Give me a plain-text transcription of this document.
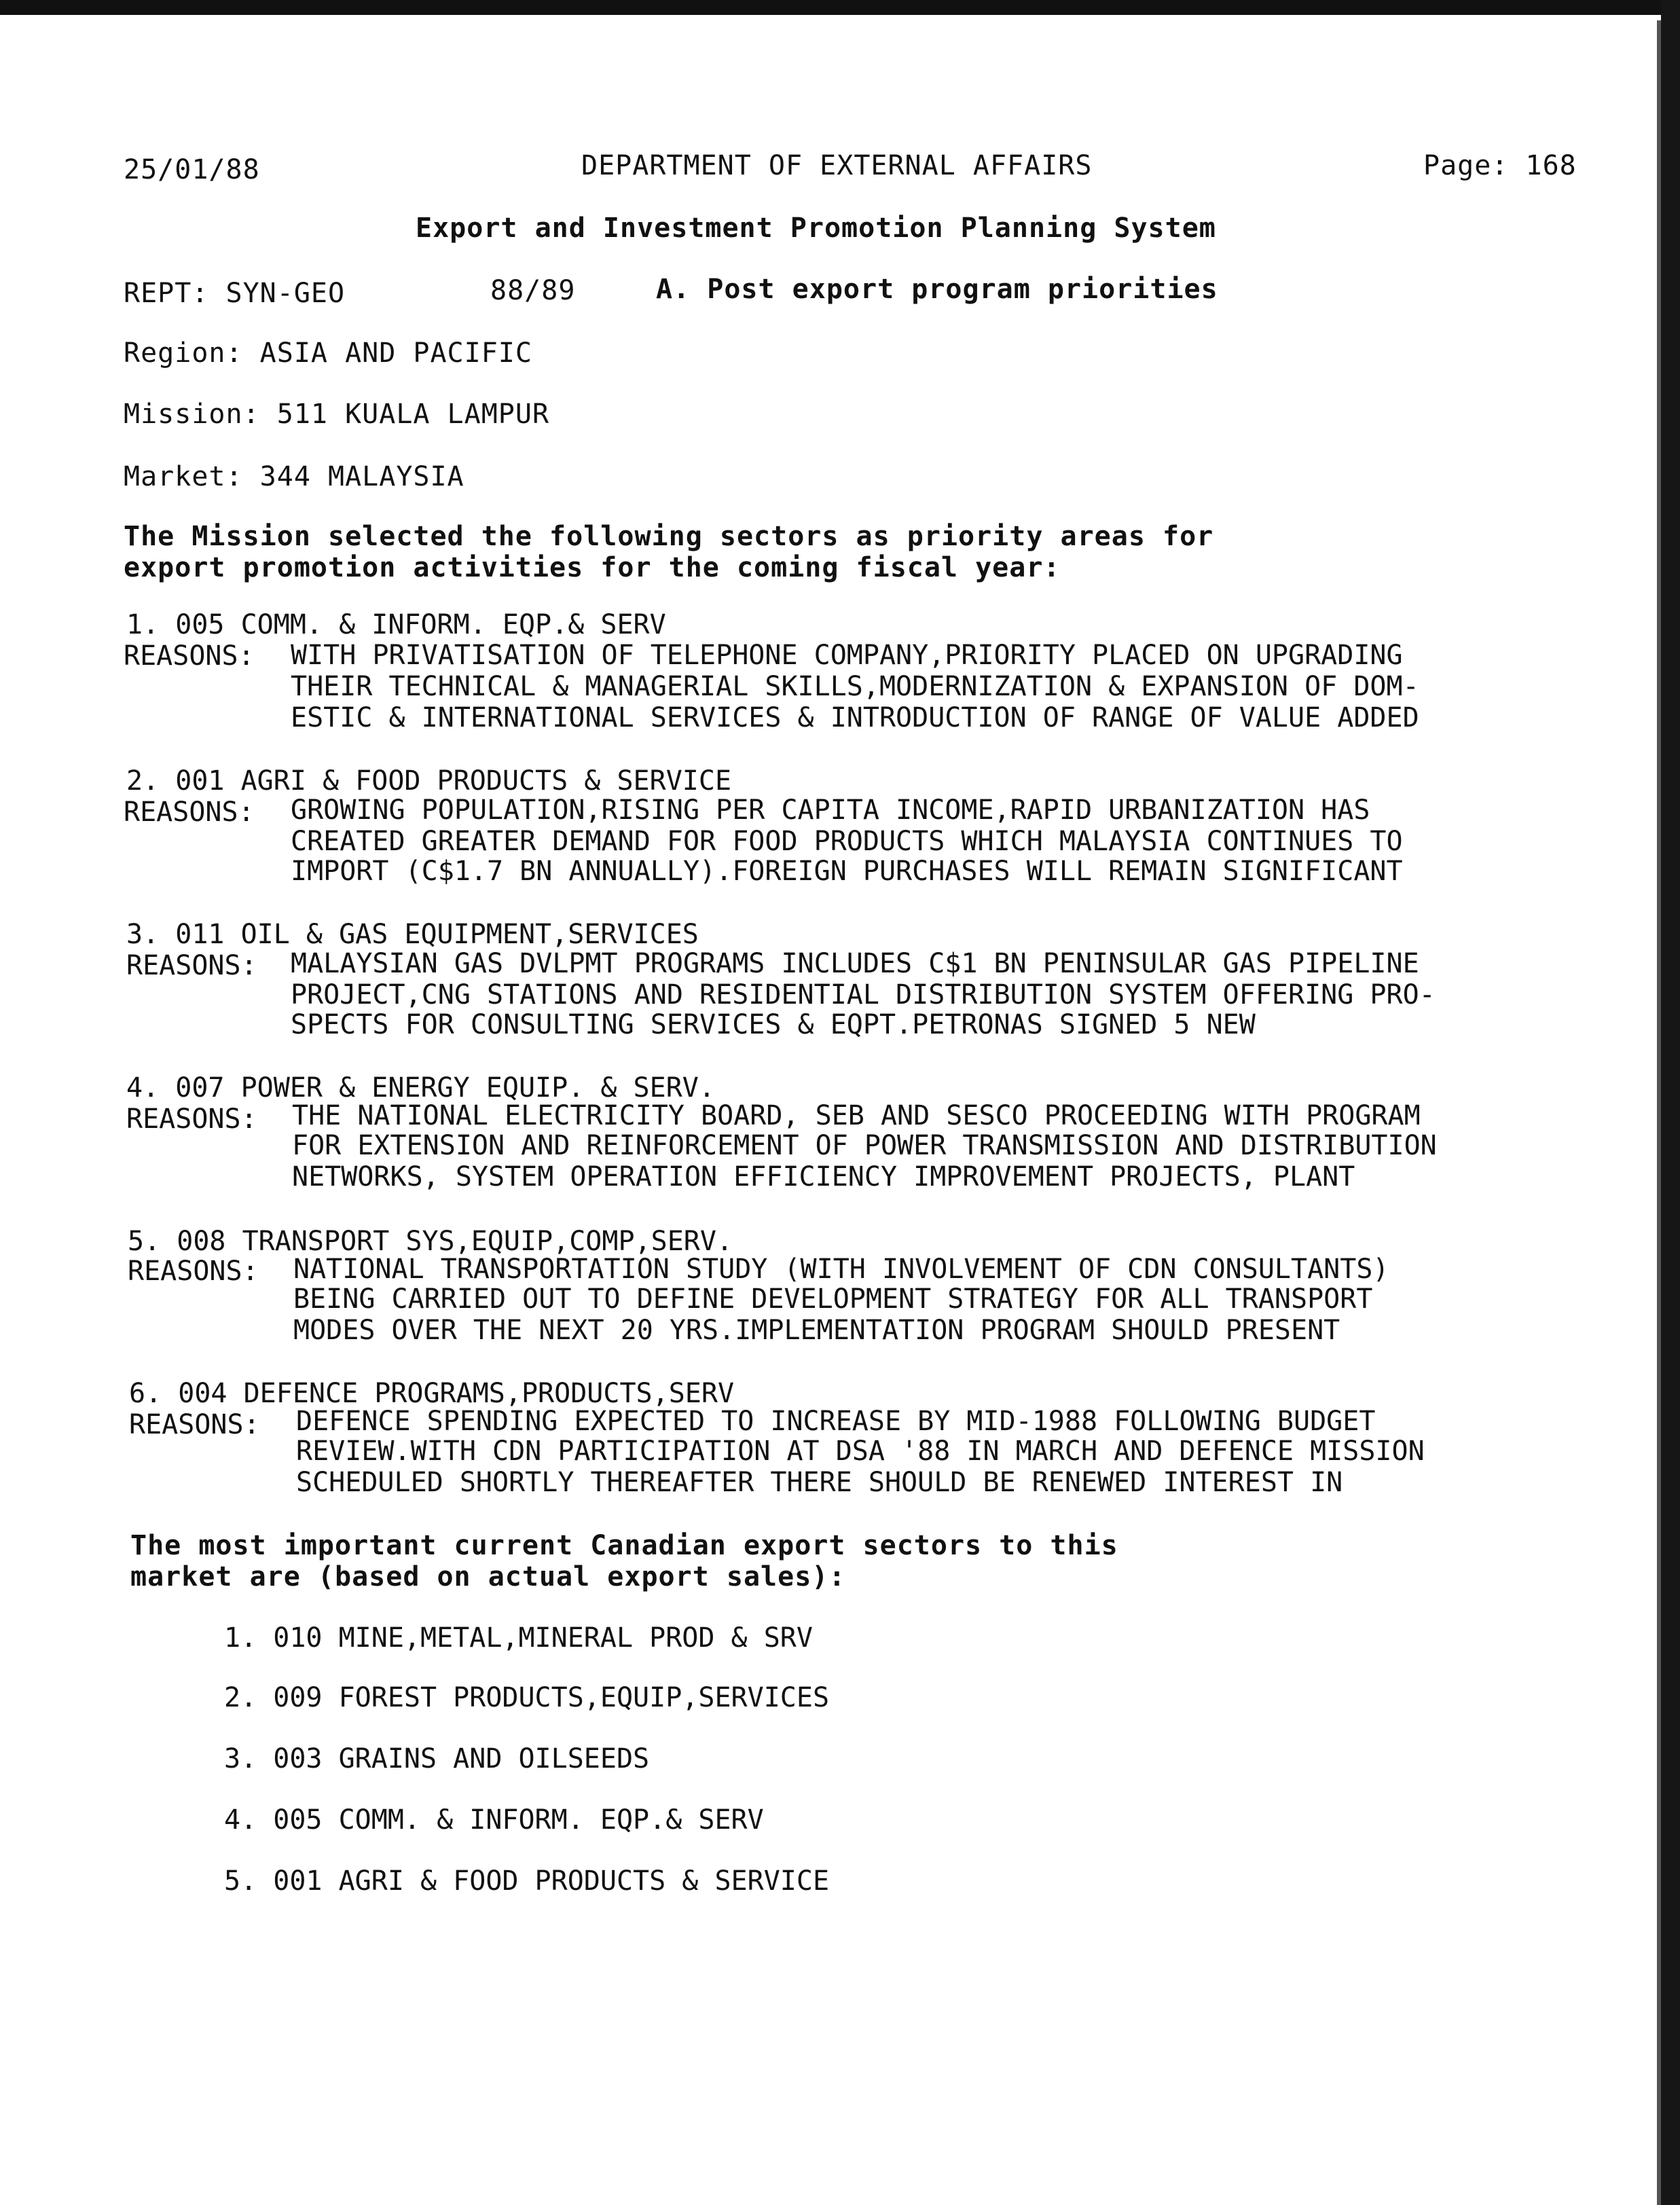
25/01/88	DEPARTMENT OF EXTERNAL AFFAIRS	Page: 168
Export and Investment Promotion Planning System
REPT: SYN-GEO	88/89	A. Post export program priorities
Region: ASIA AND PACIFIC
Mission: 511 KUALA LAMPUR
Market: 344 MALAYSIA
The Mission selected the following sectors as priority areas for
export promotion activities for the coming fiscal year:
1. 005 COMM. & INFORM. EQP.& SERV
REASONS: WITH PRIVATISATION OF TELEPHONE COMPANY,PRIORITY PLACED ON UPGRADING
THEIR TECHNICAL & MANAGERIAL SKILLS,MODERNIZATION & EXPANSION OF DOM-
ESTIC & INTERNATIONAL SERVICES & INTRODUCTION OF RANGE OF VALUE ADDED
2. 001 AGRI & FOOD PRODUCTS & SERVICE
REASONS: GROWING POPULATION,RISING PER CAPITA INCOME,RAPID URBANIZATION HAS
CREATED GREATER DEMAND FOR FOOD PRODUCTS WHICH MALAYSIA CONTINUES TO
IMPORT (C$1.7 BN ANNUALLY).FOREIGN PURCHASES WILL REMAIN SIGNIFICANT
3. 011 OIL & GAS EQUIPMENT,SERVICES
REASONS: MALAYSIAN GAS DVLPMT PROGRAMS INCLUDES C$1 BN PENINSULAR GAS PIPELINE
PROJECT,CNG STATIONS AND RESIDENTIAL DISTRIBUTION SYSTEM OFFERING PRO-
SPECTS FOR CONSULTING SERVICES & EQPT.PETRONAS SIGNED 5 NEW
4. 007 POWER & ENERGY EQUIP. & SERV.
REASONS: THE NATIONAL ELECTRICITY BOARD, SEB AND SESCO PROCEEDING WITH PROGRAM
FOR EXTENSION AND REINFORCEMENT OF POWER TRANSMISSION AND DISTRIBUTION
NETWORKS, SYSTEM OPERATION EFFICIENCY IMPROVEMENT PROJECTS, PLANT
5. 008 TRANSPORT SYS,EQUIP,COMP,SERV.
REASONS: NATIONAL TRANSPORTATION STUDY (WITH INVOLVEMENT OF CDN CONSULTANTS)
BEING CARRIED OUT TO DEFINE DEVELOPMENT STRATEGY FOR ALL TRANSPORT
MODES OVER THE NEXT 20 YRS.IMPLEMENTATION PROGRAM SHOULD PRESENT
6. 004 DEFENCE PROGRAMS,PRODUCTS,SERV
REASONS: DEFENCE SPENDING EXPECTED TO INCREASE BY MID-1988 FOLLOWING BUDGET
REVIEW.WITH CDN PARTICIPATION AT DSA '88 IN MARCH AND DEFENCE MISSION
SCHEDULED SHORTLY THEREAFTER THERE SHOULD BE RENEWED INTEREST IN
The most important current Canadian export sectors to this
market are (based on actual export sales):
1. 010 MINE,METAL,MINERAL PROD & SRV
2. 009 FOREST PRODUCTS,EQUIP,SERVICES
3. 003 GRAINS AND OILSEEDS
4. 005 COMM. & INFORM. EQP.& SERV
5. 001 AGRI & FOOD PRODUCTS & SERVICE
